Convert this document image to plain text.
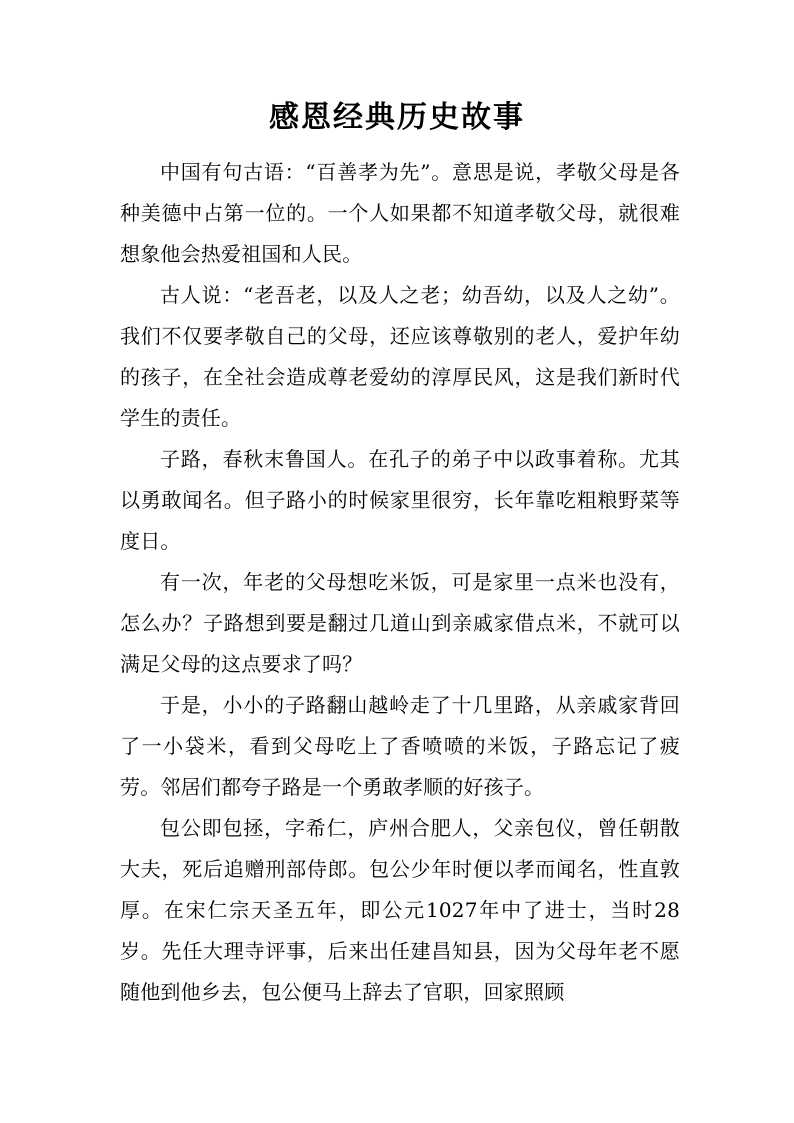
感恩经典历史故事

中国有句古语：“百善孝为先”。意思是说，孝敬父母是各种美德中占第一位的。一个人如果都不知道孝敬父母，就很难想象他会热爱祖国和人民。

古人说：“老吾老，以及人之老；幼吾幼，以及人之幼”。我们不仅要孝敬自己的父母，还应该尊敬别的老人，爱护年幼的孩子，在全社会造成尊老爱幼的淳厚民风，这是我们新时代学生的责任。

子路，春秋末鲁国人。在孔子的弟子中以政事着称。尤其以勇敢闻名。但子路小的时候家里很穷，长年靠吃粗粮野菜等度日。

有一次，年老的父母想吃米饭，可是家里一点米也没有，怎么办？子路想到要是翻过几道山到亲戚家借点米，不就可以满足父母的这点要求了吗？

于是，小小的子路翻山越岭走了十几里路，从亲戚家背回了一小袋米，看到父母吃上了香喷喷的米饭，子路忘记了疲劳。邻居们都夸子路是一个勇敢孝顺的好孩子。

包公即包拯，字希仁，庐州合肥人，父亲包仪，曾任朝散大夫，死后追赠刑部侍郎。包公少年时便以孝而闻名，性直敦厚。在宋仁宗天圣五年，即公元1027年中了进士，当时28岁。先任大理寺评事，后来出任建昌知县，因为父母年老不愿随他到他乡去，包公便马上辞去了官职，回家照顾
